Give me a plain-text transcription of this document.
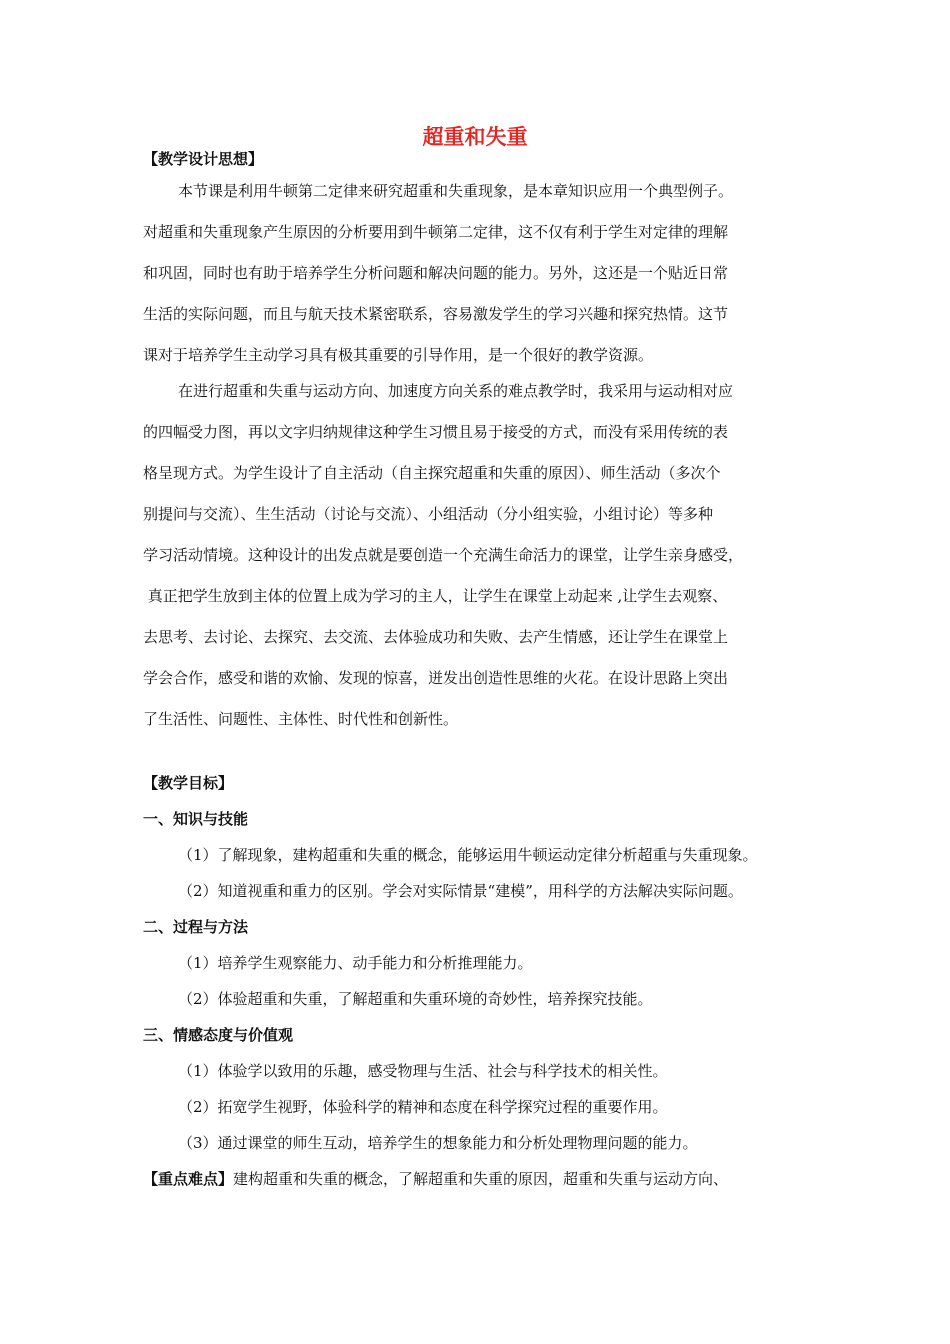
超重和失重
【教学设计思想】
本节课是利用牛顿第二定律来研究超重和失重现象，是本章知识应用一个典型例子。
对超重和失重现象产生原因的分析要用到牛顿第二定律，这不仅有利于学生对定律的理解
和巩固，同时也有助于培养学生分析问题和解决问题的能力。另外，这还是一个贴近日常
生活的实际问题，而且与航天技术紧密联系，容易激发学生的学习兴趣和探究热情。这节
课对于培养学生主动学习具有极其重要的引导作用，是一个很好的教学资源。
在进行超重和失重与运动方向、加速度方向关系的难点教学时，我采用与运动相对应
的四幅受力图，再以文字归纳规律这种学生习惯且易于接受的方式，而没有采用传统的表
格呈现方式。为学生设计了自主活动（自主探究超重和失重的原因）、师生活动（多次个
别提问与交流）、生生活动（讨论与交流）、小组活动（分小组实验，小组讨论）等多种
学习活动情境。这种设计的出发点就是要创造一个充满生命活力的课堂，让学生亲身感受，
真正把学生放到主体的位置上成为学习的主人，让学生在课堂上动起来 ,让学生去观察、
去思考、去讨论、去探究、去交流、去体验成功和失败、去产生情感，还让学生在课堂上
学会合作，感受和谐的欢愉、发现的惊喜，迸发出创造性思维的火花。在设计思路上突出
了生活性、问题性、主体性、时代性和创新性。
【教学目标】
一、知识与技能
（1）了解现象，建构超重和失重的概念，能够运用牛顿运动定律分析超重与失重现象。
（2）知道视重和重力的区别。学会对实际情景“建模”，用科学的方法解决实际问题。
二、过程与方法
（1）培养学生观察能力、动手能力和分析推理能力。
（2）体验超重和失重，了解超重和失重环境的奇妙性，培养探究技能。
三、情感态度与价值观
（1）体验学以致用的乐趣，感受物理与生活、社会与科学技术的相关性。
（2）拓宽学生视野，体验科学的精神和态度在科学探究过程的重要作用。
（3）通过课堂的师生互动，培养学生的想象能力和分析处理物理问题的能力。
【重点难点】建构超重和失重的概念，了解超重和失重的原因，超重和失重与运动方向、
